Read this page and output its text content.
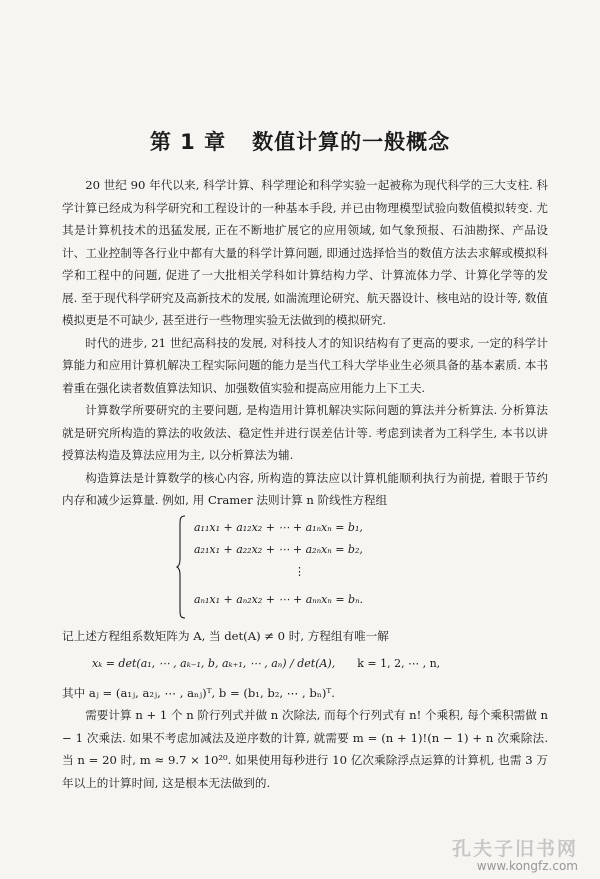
第 1 章 数值计算的一般概念

20 世纪 90 年代以来, 科学计算、科学理论和科学实验一起被称为现代科学的三大支柱. 科学计算已经成为科学研究和工程设计的一种基本手段, 并已由物理模型试验向数值模拟转变. 尤其是计算机技术的迅猛发展, 正在不断地扩展它的应用领域, 如气象预报、石油勘探、产品设计、工业控制等各行业中都有大量的科学计算问题, 即通过选择恰当的数值方法去求解或模拟科学和工程中的问题, 促进了一大批相关学科如计算结构力学、计算流体力学、计算化学等的发展. 至于现代科学研究及高新技术的发展, 如湍流理论研究、航天器设计、核电站的设计等, 数值模拟更是不可缺少, 甚至进行一些物理实验无法做到的模拟研究.

时代的进步, 21 世纪高科技的发展, 对科技人才的知识结构有了更高的要求, 一定的科学计算能力和应用计算机解决工程实际问题的能力是当代工科大学毕业生必须具备的基本素质. 本书着重在强化读者数值算法知识、加强数值实验和提高应用能力上下工夫.

计算数学所要研究的主要问题, 是构造用计算机解决实际问题的算法并分析算法. 分析算法就是研究所构造的算法的收敛法、稳定性并进行误差估计等. 考虑到读者为工科学生, 本书以讲授算法构造及算法应用为主, 以分析算法为辅.

构造算法是计算数学的核心内容, 所构造的算法应以计算机能顺利执行为前提, 着眼于节约内存和减少运算量. 例如, 用 Cramer 法则计算 n 阶线性方程组

a₁₁x₁ + a₁₂x₂ + ⋯ + a₁ₙxₙ = b₁,
a₂₁x₁ + a₂₂x₂ + ⋯ + a₂ₙxₙ = b₂,
⋮
aₙ₁x₁ + aₙ₂x₂ + ⋯ + aₙₙxₙ = bₙ.

记上述方程组系数矩阵为 A, 当 det(A) ≠ 0 时, 方程组有唯一解

xₖ = det(a₁, ⋯ , aₖ₋₁, b, aₖ₊₁, ⋯ , aₙ) / det(A), k = 1, 2, ⋯ , n,

其中 aⱼ = (a₁ⱼ, a₂ⱼ, ⋯ , aₙⱼ)ᵀ, b = (b₁, b₂, ⋯ , bₙ)ᵀ.

需要计算 n + 1 个 n 阶行列式并做 n 次除法, 而每个行列式有 n! 个乘积, 每个乘积需做 n − 1 次乘法. 如果不考虑加减法及逆序数的计算, 就需要 m = (n + 1)!(n − 1) + n 次乘除法. 当 n = 20 时, m ≈ 9.7 × 10²⁰. 如果使用每秒进行 10 亿次乘除浮点运算的计算机, 也需 3 万年以上的计算时间, 这是根本无法做到的.

孔夫子旧书网
www.kongfz.com
